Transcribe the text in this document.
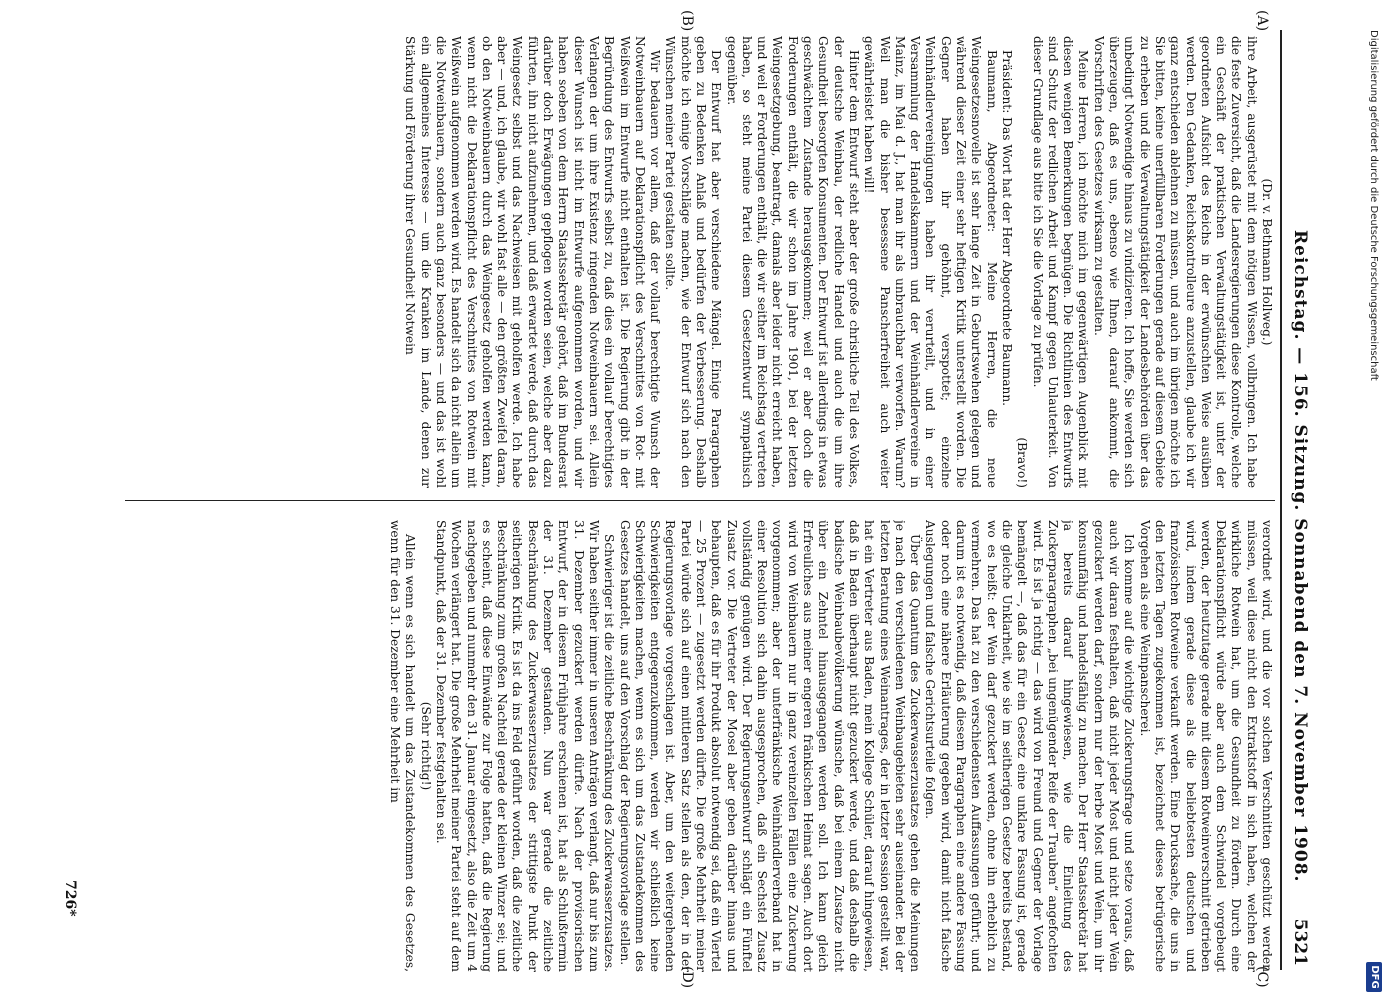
Reichstag. — 156. Sitzung. Sonnabend den 7. November 1908.
5321

(Dr. v. Bethmann Hollweg.)

ihre Arbeit, ausgerüstet mit dem nötigen Wissen, vollbringen. Ich habe die feste Zuversicht, daß die Landesregierungen diese Kontrolle, welche ein Geschäft der praktischen Verwaltungstätigkeit ist, unter der geordneten Aufsicht des Reichs in der erwünschten Weise ausüben werden. Den Gedanken, Reichskontrolleure anzustellen, glaube ich wir ganz entschieden ablehnen zu müssen, und auch im übrigen möchte ich Sie bitten, keine unerfüllbaren Forderungen gerade auf diesem Gebiete zu erheben und die Verwaltungstätigkeit der Landesbehörden über das unbedingt Notwendige hinaus zu vindizieren. Ich hoffe, Sie werden sich überzeugen, daß es uns, ebenso wie Ihnen, darauf ankommt, die Vorschriften des Gesetzes wirksam zu gestalten.

Meine Herren, ich möchte mich im gegenwärtigen Augenblick mit diesen wenigen Bemerkungen begnügen. Die Richtlinien des Entwurfs sind Schutz der redlichen Arbeit und Kampf gegen Unlauterkeit. Von dieser Grundlage aus bitte ich Sie die Vorlage zu prüfen.

(Bravo!)

Präsident: Das Wort hat der Herr Abgeordnete Baumann.

Baumann, Abgeordneter: Meine Herren, die neue Weingesetzesnovelle ist sehr lange Zeit in Geburtswehen gelegen und während dieser Zeit einer sehr heftigen Kritik unterstellt worden. Die Gegner haben ihr gehöhnt, verspottet; einzelne Weinhändlervereinigungen haben ihr verurteilt, und in einer Versammlung der Handelskammern und der Weinhändlervereine in Mainz, im Mai d. J., hat man ihr als unbrauchbar verworfen. Warum? Weil man die bisher besessene Panscherfreiheit auch weiter gewährleistet haben will!

Hinter dem Entwurf steht aber der große christliche Teil des Volkes, der deutsche Weinbau, der redliche Handel und auch die um ihre Gesundheit besorgten Konsumenten. Der Entwurf ist allerdings in etwas geschwächtem Zustande herausgekommen; weil er aber doch die Forderungen enthält, die wir schon im Jahre 1901, bei der letzten Weingesetzgebung, beantragt, damals aber leider nicht erreicht haben, und weil er Forderungen enthält, die wir seither im Reichstag vertreten haben, so steht meine Partei diesem Gesetzentwurf sympathisch gegenüber.

Der Entwurf hat aber verschiedene Mängel. Einige Paragraphen geben zu Bedenken Anlaß und bedürfen der Verbesserung. Deshalb möchte ich einige Vorschläge machen, wie der Entwurf sich nach den Wünschen meiner Partei gestalten sollte.

Wir bedauern vor allem, daß der vollauf berechtigte Wunsch der Notweinbauern auf Deklarationspflicht des Verschnittes von Rot- mit Weißwein im Entwurfe nicht enthalten ist. Die Regierung gibt in der Begründung des Entwurfs selbst zu, daß dies ein vollauf berechtigtes Verlangen der um ihre Existenz ringenden Notweinbauern sei. Allein dieser Wunsch ist nicht im Entwurfe aufgenommen worden, und wir haben soeben von dem Herrn Staatssekretär gehört, daß im Bundesrat darüber doch Erwägungen gepflogen worden seien, welche aber dazu führten, ihn nicht aufzunehmen, und daß erwartet werde, daß durch das Weingesetz selbst und das Nachweisen mit geholfen werde. Ich habe aber — und, ich glaube, wir wohl fast alle — den größten Zweifel daran, ob den Notweinbauern durch das Weingesetz geholfen werden kann, wenn nicht die Deklarationspflicht des Verschnittes von Rotwein mit Weißwein aufgenommen werden wird. Es handelt sich da nicht allein um die Notweinbauern, sondern auch ganz besonders — und das ist wohl ein allgemeines Interesse — um die Kranken im Lande, denen zur Stärkung und Förderung ihrer Gesundheit Notwein

verordnet wird, und die vor solchen Verschnitten geschützt werden müssen, weil diese nicht den Extraktstoff in sich haben, welchen der wirkliche Rotwein hat, um die Gesundheit zu fördern. Durch eine Deklarationspflicht würde aber auch dem Schwindel vorgebeugt werden, der heutzutage gerade mit diesem Rotweinverschnitt getrieben wird, indem gerade diese als die beliebtesten deutschen und französischen Rotweine verkauft werden. Eine Drucksache, die uns in den letzten Tagen zugekommen ist, bezeichnet dieses betrügerische Vorgehen als eine Weinpanscherei.

Ich komme auf die wichtige Zuckerungsfrage und setze voraus, daß auch wir daran festhalten, daß nicht jeder Most und nicht jeder Wein gezuckert werden darf, sondern nur der herbe Most und Wein, um ihr konsumfähig und handelsfähig zu machen. Der Herr Staatssekretär hat ja bereits darauf hingewiesen, wie die Einleitung des Zuckerparagraphen „bei ungenügender Reife der Trauben“ angefochten wird. Es ist ja richtig — das wird von Freund und Gegner der Vorlage bemängelt —, daß das für ein Gesetz eine unklare Fassung ist, gerade die gleiche Unklarheit, wie sie im seitherigen Gesetze bereits bestand, wo es heißt: der Wein darf gezuckert werden, ohne ihn erheblich zu vermehren. Das hat zu den verschiedensten Auffassungen geführt; und darum ist es notwendig, daß diesem Paragraphen eine andere Fassung oder noch eine nähere Erläuterung gegeben wird, damit nicht falsche Auslegungen und falsche Gerichtsurteile folgen.

Über das Quantum des Zuckerwasserzusatzes gehen die Meinungen je nach den verschiedenen Weinbaugebieten sehr auseinander. Bei der letzten Beratung eines Weinantrages, der in letzter Session gestellt war, hat ein Vertreter aus Baden, mein Kollege Schüler, darauf hingewiesen, daß in Baden überhaupt nicht gezuckert werde, und daß deshalb die badische Weinbaubevölkerung wünsche, daß bei einem Zusatze nicht über ein Zehntel hinausgegangen werden soll. Ich kann gleich Erfreuliches aus meiner engeren fränkischen Heimat sagen. Auch dort wird von Weinbauern nur in ganz vereinzelten Fällen eine Zuckerung vorgenommen; aber der unterfränkische Weinhändlerverband hat in einer Resolution sich dahin ausgesprochen, daß ein Sechstel Zusatz vollständig genügen wird. Der Regierungsentwurf schlägt ein Fünftel Zusatz vor. Die Vertreter der Mosel aber geben darüber hinaus und behaupten, daß es für ihr Produkt absolut notwendig sei, daß ein Viertel — 25 Prozent — zugesetzt werden dürfte. Die große Mehrheit meiner Partei würde sich auf einen mittleren Satz stellen als den, der in der Regierungsvorlage vorgeschlagen ist. Aber, um den weitergehenden Schwierigkeiten entgegenzukommen, werden wir schließlich keine Schwierigkeiten machen, wenn es sich um das Zustandekommen des Gesetzes handelt, uns auf den Vorschlag der Regierungsvorlage stellen.

Schwieriger ist die zeitliche Beschränkung des Zuckerwasserzusatzes. Wir haben seither immer in unseren Anträgen verlangt, daß nur bis zum 31. Dezember gezuckert werden dürfte. Nach der provisorischen Entwurf, der in diesem Frühjahre erschienen ist, hat als Schlußtermin der 31. Dezember gestanden. Nun war gerade die zeitliche Beschränkung des Zuckerwasserzusatzes der strittigste Punkt der seitherigen Kritik. Es ist da ins Feld geführt worden, daß die zeitliche Beschränkung zum großen Nachteil gerade der kleinen Winzer sei; und es scheint, daß diese Einwände zur Folge hatten, daß die Regierung nachgegeben und nunmehr den 31. Januar eingesetzt, also die Zeit um 4 Wochen verlängert hat. Die große Mehrheit meiner Partei steht auf dem Standpunkt, daß der 31. Dezember festgehalten sei.

(Sehr richtig!)

Allein wenn es sich handelt um das Zustandekommen des Gesetzes, wenn für den 31. Dezember eine Mehrheit im

(A)
(B)
(C)
(D)
726*
Digitalisierung gefördert durch die Deutsche Forschungsgemeinschaft
DFG
